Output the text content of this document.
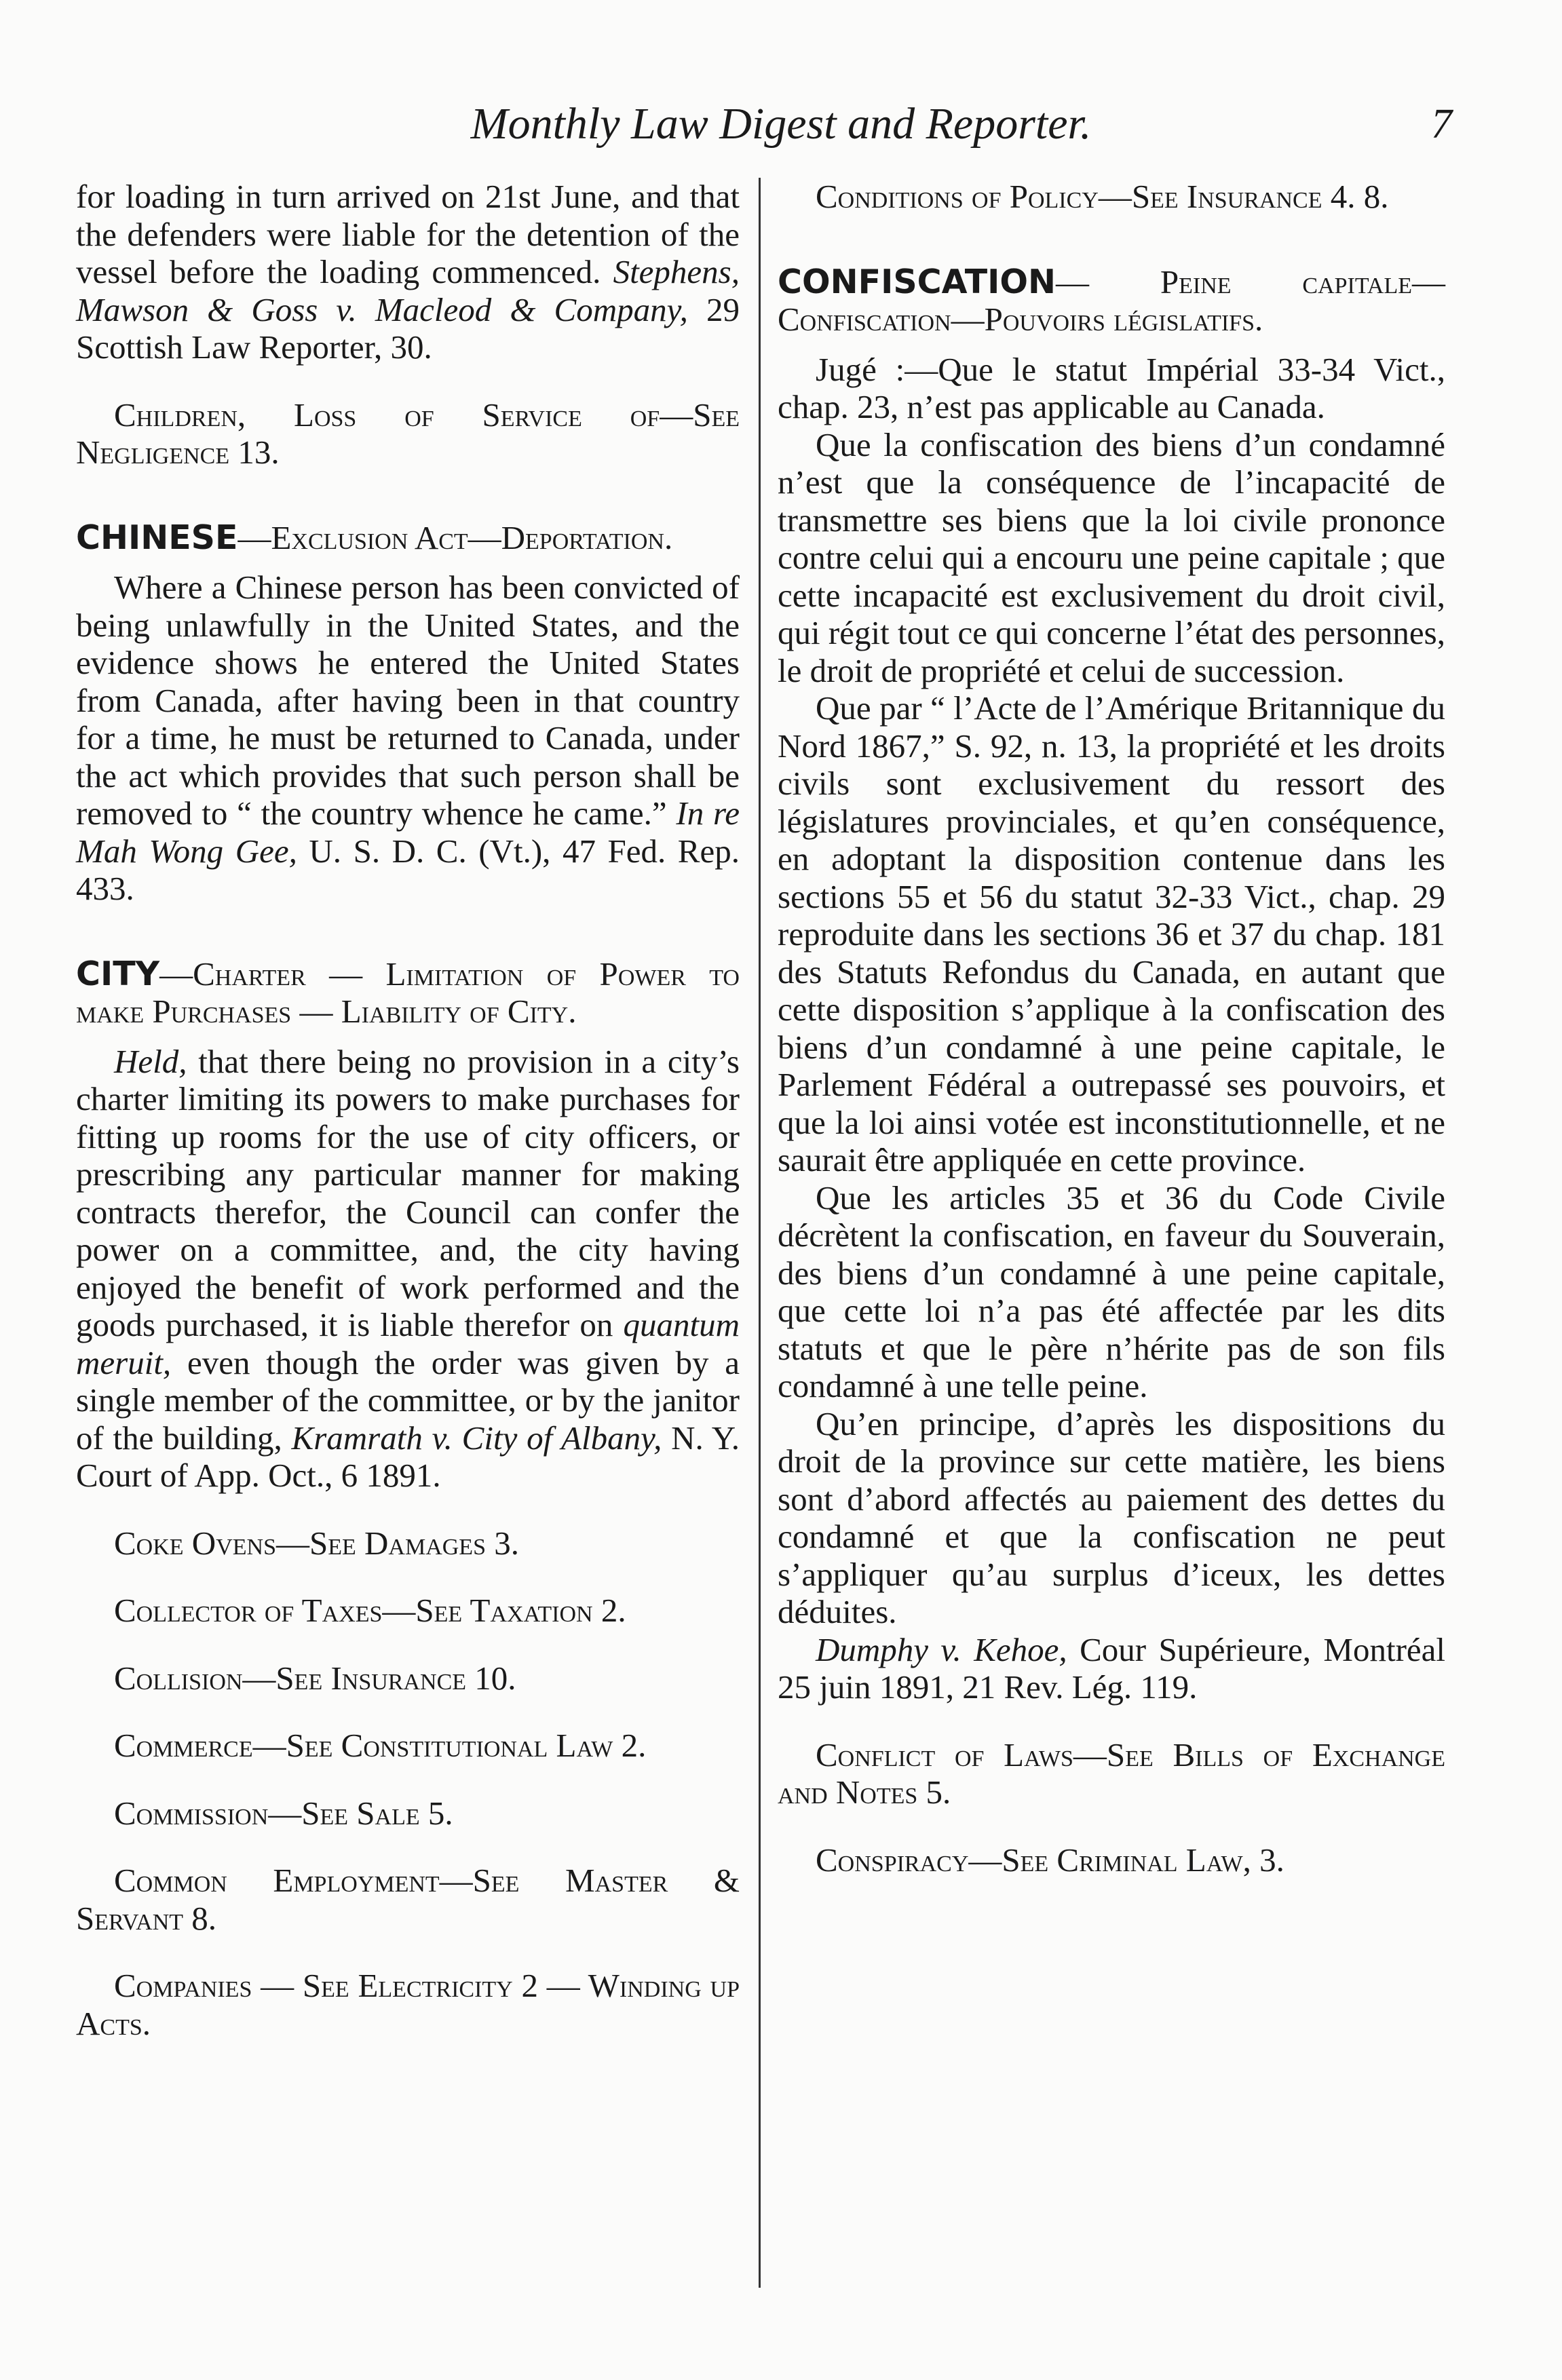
Monthly Law Digest and Reporter.	7

for loading in turn arrived on 21st June, and that the defenders were liable for the detention of the vessel before the loading commenced. Stephens, Mawson & Goss v. Macleod & Company, 29 Scottish Law Reporter, 30.

Children, Loss of Service of—See Negligence 13.

CHINESE—Exclusion Act—Deportation.

Where a Chinese person has been convicted of being unlawfully in the United States, and the evidence shows he entered the United States from Canada, after having been in that country for a time, he must be returned to Canada, under the act which provides that such person shall be removed to “ the country whence he came.” In re Mah Wong Gee, U. S. D. C. (Vt.), 47 Fed. Rep. 433.

CITY—Charter — Limitation of Power to make Purchases — Liability of City.

Held, that there being no provision in a city’s charter limiting its powers to make purchases for fitting up rooms for the use of city officers, or prescribing any particular manner for making contracts therefor, the Council can confer the power on a committee, and, the city having enjoyed the benefit of work performed and the goods purchased, it is liable therefor on quantum meruit, even though the order was given by a single member of the committee, or by the janitor of the building, Kramrath v. City of Albany, N. Y. Court of App. Oct., 6 1891.

Coke Ovens—See Damages 3.

Collector of Taxes—See Taxation 2.

Collision—See Insurance 10.

Commerce—See Constitutional Law 2.

Commission—See Sale 5.

Common Employment—See Master & Servant 8.

Companies — See Electricity 2 — Winding up Acts.

Conditions of Policy—See Insurance 4. 8.

CONFISCATION— Peine capitale—Confiscation—Pouvoirs législatifs.

Jugé :—Que le statut Impérial 33-34 Vict., chap. 23, n’est pas applicable au Canada.

Que la confiscation des biens d’un condamné n’est que la conséquence de l’incapacité de transmettre ses biens que la loi civile prononce contre celui qui a encouru une peine capitale ; que cette incapacité est exclusivement du droit civil, qui régit tout ce qui concerne l’état des personnes, le droit de propriété et celui de succession.

Que par “ l’Acte de l’Amérique Britannique du Nord 1867,” S. 92, n. 13, la propriété et les droits civils sont exclusivement du ressort des législatures provinciales, et qu’en conséquence, en adoptant la disposition contenue dans les sections 55 et 56 du statut 32-33 Vict., chap. 29 reproduite dans les sections 36 et 37 du chap. 181 des Statuts Refondus du Canada, en autant que cette disposition s’applique à la confiscation des biens d’un condamné à une peine capitale, le Parlement Fédéral a outrepassé ses pouvoirs, et que la loi ainsi votée est inconstitutionnelle, et ne saurait être appliquée en cette province.

Que les articles 35 et 36 du Code Civile décrètent la confiscation, en faveur du Souverain, des biens d’un condamné à une peine capitale, que cette loi n’a pas été affectée par les dits statuts et que le père n’hérite pas de son fils condamné à une telle peine.

Qu’en principe, d’après les dispositions du droit de la province sur cette matière, les biens sont d’abord affectés au paiement des dettes du condamné et que la confiscation ne peut s’appliquer qu’au surplus d’iceux, les dettes déduites.

Dumphy v. Kehoe, Cour Supérieure, Montréal 25 juin 1891, 21 Rev. Lég. 119.

Conflict of Laws—See Bills of Exchange and Notes 5.

Conspiracy—See Criminal Law, 3.
